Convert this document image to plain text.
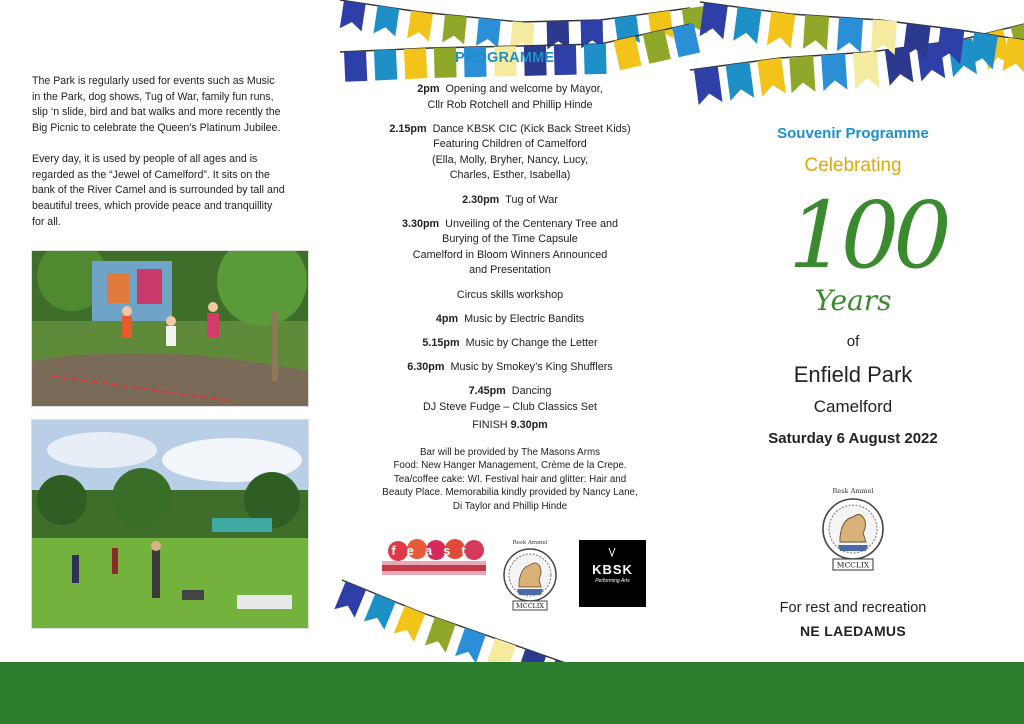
The Park is regularly used for events such as Music
in the Park, dog shows, Tug of War, family fun runs,
slip ‘n slide, bird and bat walks and more recently the
Big Picnic to celebrate the Queen’s Platinum Jubilee.

Every day, it is used by people of all ages and is
regarded as the “Jewel of Camelford”. It sits on the
bank of the River Camel and is surrounded by tall and
beautiful trees, which provide peace and tranquillity
for all.

PROGRAMME
2pm Opening and welcome by Mayor,
Cllr Rob Rotchell and Phillip Hinde
2.15pm Dance KBSK CIC (Kick Back Street Kids)
Featuring Children of Camelford
(Ella, Molly, Bryher, Nancy, Lucy,
Charles, Esther, Isabella)
2.30pm Tug of War
3.30pm Unveiling of the Centenary Tree and
Burying of the Time Capsule
Camelford in Bloom Winners Announced
and Presentation
Circus skills workshop
4pm Music by Electric Bandits
5.15pm Music by Change the Letter
6.30pm Music by Smokey’s King Shufflers
7.45pm Dancing
DJ Steve Fudge – Club Classics Set
FINISH 9.30pm
Bar will be provided by The Masons Arms
Food: New Hanger Management, Crème de la Crepe.
Tea/coffee cake: WI. Festival hair and glitter: Hair and
Beauty Place. Memorabilia kindly provided by Nancy Lane,
Di Taylor and Phillip Hinde
feast	Resk Ammel
MCCLIX
KBSK
Performing Arts
Souvenir Programme
Celebrating
100
Years
of
Enfield Park
Camelford
Saturday 6 August 2022
Resk Ammel
MCCLIX
For rest and recreation
NE LAEDAMUS
